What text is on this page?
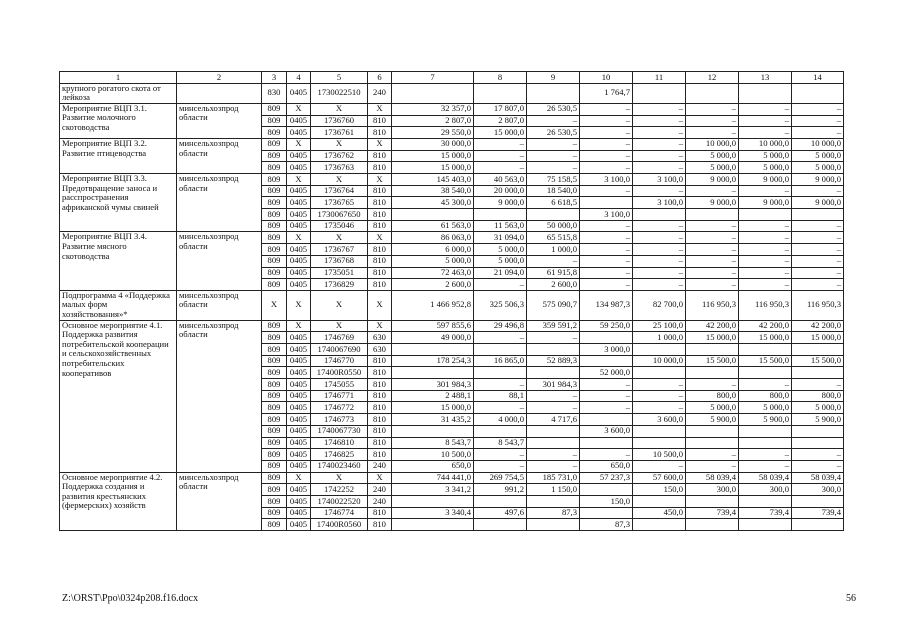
1	2	3	4	5	6	7	8	9	10	11	12	13	14
крупного рогатого скота от лейкоза		830	0405	1730022510	240				1 764,7				
Мероприятие ВЦП 3.1. Развитие молочного скотоводства	минсельхозпрод области	809	X	X	X	32 357,0	17 807,0	26 530,5	–	–	–	–	–
		809	0405	1736760	810	2 807,0	2 807,0	–	–	–	–	–	–
		809	0405	1736761	810	29 550,0	15 000,0	26 530,5	–	–	–	–	–
Мероприятие ВЦП 3.2. Развитие птицеводства	минсельхозпрод области	809	X	X	X	30 000,0	–	–	–	–	10 000,0	10 000,0	10 000,0
		809	0405	1736762	810	15 000,0	–	–	–	–	5 000,0	5 000,0	5 000,0
		809	0405	1736763	810	15 000,0	–	–	–	–	5 000,0	5 000,0	5 000,0
Мероприятие ВЦП 3.3. Предотвращение заноса и расспространения африканской чумы свиней	минсельхозпрод области	809	X	X	X	145 403,0	40 563,0	75 158,5	3 100,0	3 100,0	9 000,0	9 000,0	9 000,0
		809	0405	1736764	810	38 540,0	20 000,0	18 540,0	–	–	–	–	–
		809	0405	1736765	810	45 300,0	9 000,0	6 618,5		3 100,0	9 000,0	9 000,0	9 000,0
		809	0405	1730067650	810				3 100,0				
		809	0405	1735046	810	61 563,0	11 563,0	50 000,0	–	–	–	–	–
Мероприятие ВЦП 3.4. Развитие мясного скотоводства	минсельхозпрод области	809	X	X	X	86 063,0	31 094,0	65 515,8	–	–	–	–	–
		809	0405	1736767	810	6 000,0	5 000,0	1 000,0	–	–	–	–	–
		809	0405	1736768	810	5 000,0	5 000,0	–	–	–	–	–	–
		809	0405	1735051	810	72 463,0	21 094,0	61 915,8	–	–	–	–	–
		809	0405	1736829	810	2 600,0	–	2 600,0	–	–	–	–	–
Подпрограмма 4 «Поддержка малых форм хозяйствования»*	минсельхозпрод области	X	X	X	X	1 466 952,8	325 506,3	575 090,7	134 987,3	82 700,0	116 950,3	116 950,3	116 950,3
Основное мероприятие 4.1. Поддержка развития потребительской кооперации и сельскохозяйственных потребительских кооперативов	минсельхозпрод области	809	X	X	X	597 855,6	29 496,8	359 591,2	59 250,0	25 100,0	42 200,0	42 200,0	42 200,0
		809	0405	1746769	630	49 000,0	–	–		1 000,0	15 000,0	15 000,0	15 000,0
		809	0405	1740067690	630				3 000,0				
		809	0405	1746770	810	178 254,3	16 865,0	52 889,3		10 000,0	15 500,0	15 500,0	15 500,0
		809	0405	17400R0550	810				52 000,0				
		809	0405	1745055	810	301 984,3	–	301 984,3	–	–	–	–	–
		809	0405	1746771	810	2 488,1	88,1	–	–	–	800,0	800,0	800,0
		809	0405	1746772	810	15 000,0	–	–	–	–	5 000,0	5 000,0	5 000,0
		809	0405	1746773	810	31 435,2	4 000,0	4 717,6		3 600,0	5 900,0	5 900,0	5 900,0
		809	0405	1740067730	810				3 600,0				
		809	0405	1746810	810	8 543,7	8 543,7						
		809	0405	1746825	810	10 500,0	–	–	–	10 500,0	–	–	–
		809	0405	1740023460	240	650,0	–	–	650,0	–	–	–	–
Основное мероприятие 4.2. Поддержка создания и развития крестьянских (фермерских) хозяйств	минсельхозпрод области	809	X	X	X	744 441,0	269 754,5	185 731,0	57 237,3	57 600,0	58 039,4	58 039,4	58 039,4
		809	0405	1742252	240	3 341,2	991,2	1 150,0		150,0	300,0	300,0	300,0
		809	0405	1740022520	240				150,0				
		809	0405	1746774	810	3 340,4	497,6	87,3		450,0	739,4	739,4	739,4
		809	0405	17400R0560	810				87,3				
Z:\ORST\Ppo\0324p208.f16.docx	56
